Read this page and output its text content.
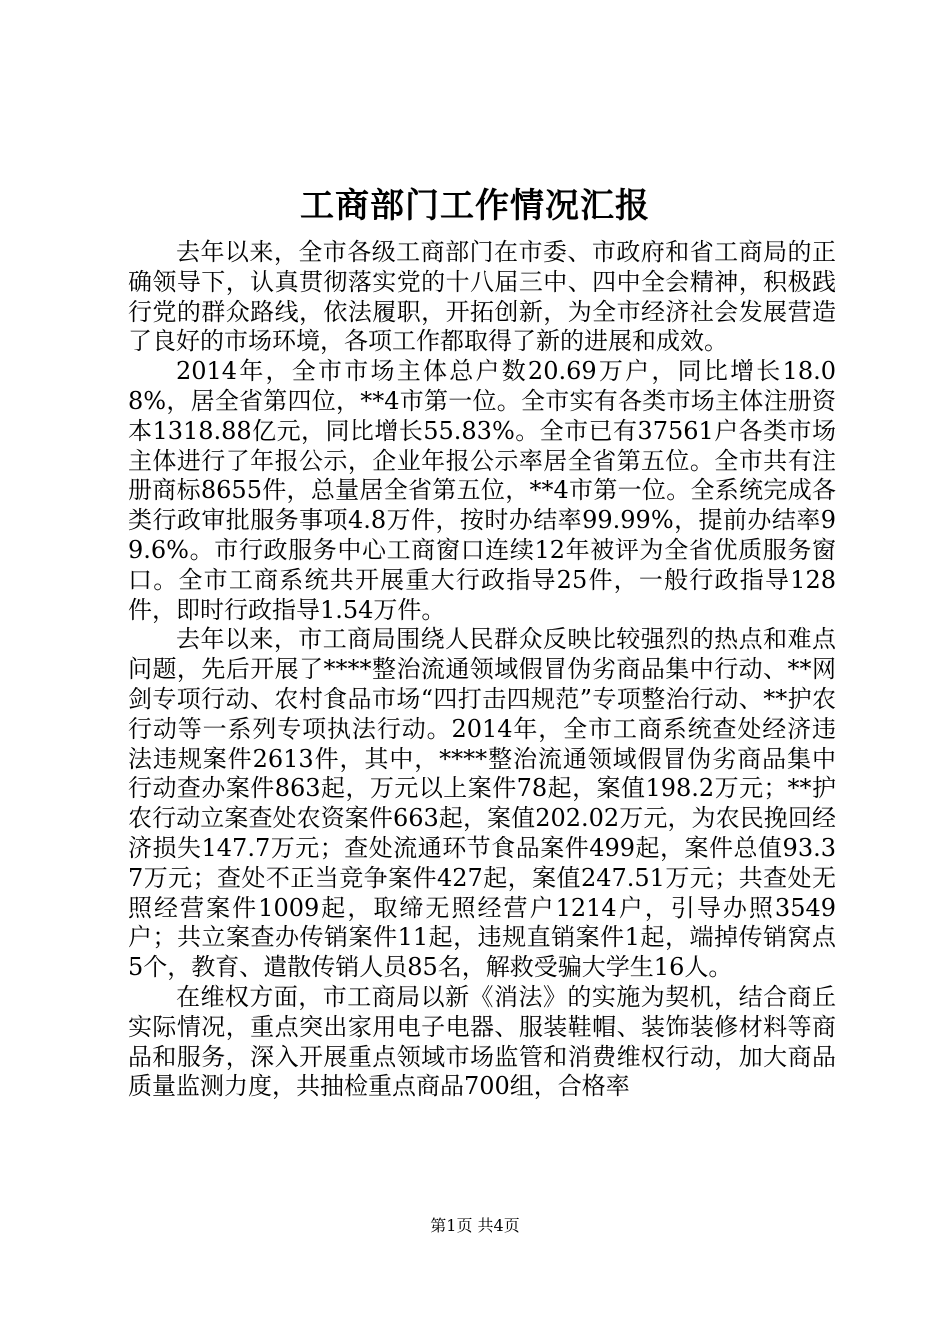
工商部门工作情况汇报

去年以来，全市各级工商部门在市委、市政府和省工商局的正确领导下，认真贯彻落实党的十八届三中、四中全会精神，积极践行党的群众路线，依法履职，开拓创新，为全市经济社会发展营造了良好的市场环境，各项工作都取得了新的进展和成效。

2014年，全市市场主体总户数20.69万户，同比增长18.08%，居全省第四位，**4市第一位。全市实有各类市场主体注册资本1318.88亿元，同比增长55.83%。全市已有37561户各类市场主体进行了年报公示，企业年报公示率居全省第五位。全市共有注册商标8655件，总量居全省第五位，**4市第一位。全系统完成各类行政审批服务事项4.8万件，按时办结率99.99%，提前办结率99.6%。市行政服务中心工商窗口连续12年被评为全省优质服务窗口。全市工商系统共开展重大行政指导25件，一般行政指导128件，即时行政指导1.54万件。

去年以来，市工商局围绕人民群众反映比较强烈的热点和难点问题，先后开展了****整治流通领域假冒伪劣商品集中行动、**网剑专项行动、农村食品市场“四打击四规范”专项整治行动、**护农行动等一系列专项执法行动。2014年，全市工商系统查处经济违法违规案件2613件，其中，****整治流通领域假冒伪劣商品集中行动查办案件863起，万元以上案件78起，案值198.2万元；**护农行动立案查处农资案件663起，案值202.02万元，为农民挽回经济损失147.7万元；查处流通环节食品案件499起，案件总值93.37万元；查处不正当竞争案件427起，案值247.51万元；共查处无照经营案件1009起，取缔无照经营户1214户，引导办照3549户；共立案查办传销案件11起，违规直销案件1起，端掉传销窝点5个，教育、遣散传销人员85名，解救受骗大学生16人。

在维权方面，市工商局以新《消法》的实施为契机，结合商丘实际情况，重点突出家用电子电器、服装鞋帽、装饰装修材料等商品和服务，深入开展重点领域市场监管和消费维权行动，加大商品质量监测力度，共抽检重点商品700组，合格率

第1页 共4页
